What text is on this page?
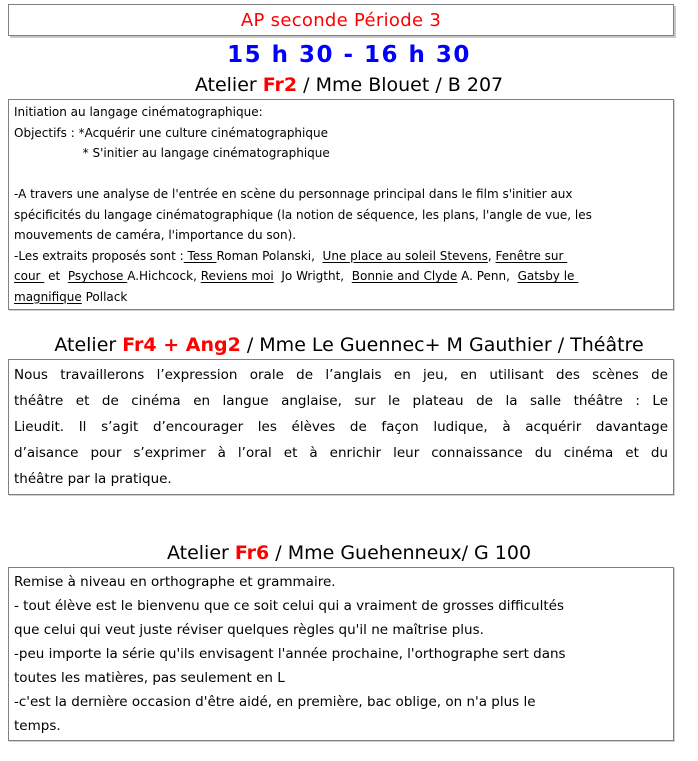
AP seconde Période 3
15 h 30 - 16 h 30
Atelier Fr2 / Mme Blouet / B 207
Initiation au langage cinématographique:
Objectifs : *Acquérir une culture cinématographique
* S'initier au langage cinématographique

-A travers une analyse de l'entrée en scène du personnage principal dans le film s'initier aux
spécificités du langage cinématographique (la notion de séquence, les plans, l'angle de vue, les
mouvements de caméra, l'importance du son).
-Les extraits proposés sont : Tess Roman Polanski,  Une place au soleil Stevens, Fenêtre sur
cour  et  Psychose A.Hichcock, Reviens moi  Jo Wrigtht,  Bonnie and Clyde A. Penn,  Gatsby le
magnifique Pollack
Atelier Fr4 + Ang2 / Mme Le Guennec+ M Gauthier / Théâtre
Nous travaillerons l’expression orale de l’anglais en jeu, en utilisant des scènes de
théâtre et de cinéma en langue anglaise, sur le plateau de la salle théâtre : Le
Lieudit. Il s’agit d’encourager les élèves de façon ludique, à acquérir davantage
d’aisance pour s’exprimer à l’oral et à enrichir leur connaissance du cinéma et du
théâtre par la pratique.
Atelier Fr6 / Mme Guehenneux/ G 100
Remise à niveau en orthographe et grammaire.
- tout élève est le bienvenu que ce soit celui qui a vraiment de grosses difficultés
que celui qui veut juste réviser quelques règles qu'il ne maîtrise plus.
-peu importe la série qu'ils envisagent l'année prochaine, l'orthographe sert dans
toutes les matières, pas seulement en L
-c'est la dernière occasion d'être aidé, en première, bac oblige, on n'a plus le
temps.
